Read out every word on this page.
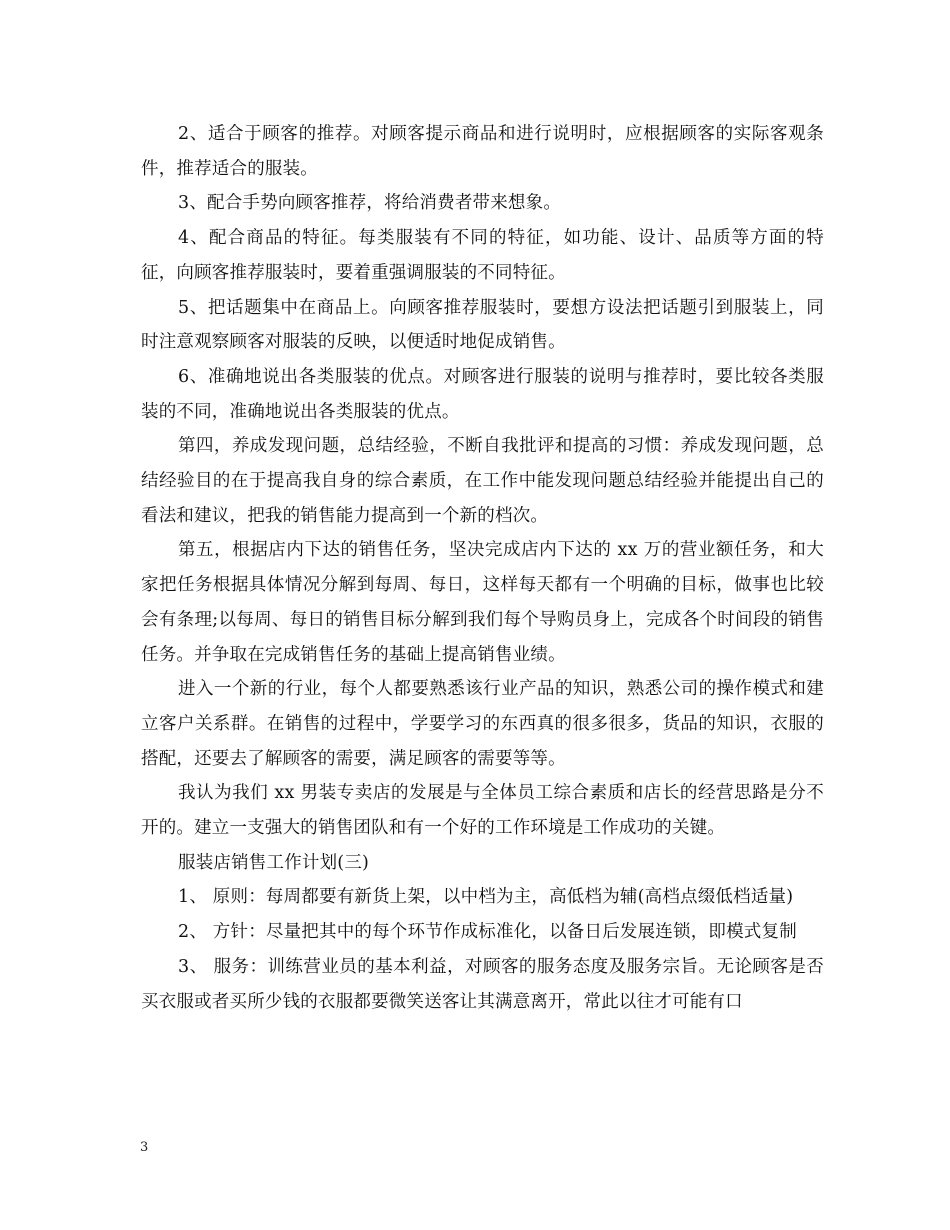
2、适合于顾客的推荐。对顾客提示商品和进行说明时，应根据顾客的实际客观条件，推荐适合的服装。

3、配合手势向顾客推荐，将给消费者带来想象。

4、配合商品的特征。每类服装有不同的特征，如功能、设计、品质等方面的特征，向顾客推荐服装时，要着重强调服装的不同特征。

5、把话题集中在商品上。向顾客推荐服装时，要想方设法把话题引到服装上，同时注意观察顾客对服装的反映，以便适时地促成销售。

6、准确地说出各类服装的优点。对顾客进行服装的说明与推荐时，要比较各类服装的不同，准确地说出各类服装的优点。

第四，养成发现问题，总结经验，不断自我批评和提高的习惯：养成发现问题，总结经验目的在于提高我自身的综合素质，在工作中能发现问题总结经验并能提出自己的看法和建议，把我的销售能力提高到一个新的档次。

第五，根据店内下达的销售任务，坚决完成店内下达的 xx 万的营业额任务，和大家把任务根据具体情况分解到每周、每日，这样每天都有一个明确的目标，做事也比较会有条理;以每周、每日的销售目标分解到我们每个导购员身上，完成各个时间段的销售任务。并争取在完成销售任务的基础上提高销售业绩。

进入一个新的行业，每个人都要熟悉该行业产品的知识，熟悉公司的操作模式和建立客户关系群。在销售的过程中，学要学习的东西真的很多很多，货品的知识，衣服的搭配，还要去了解顾客的需要，满足顾客的需要等等。

我认为我们 xx 男装专卖店的发展是与全体员工综合素质和店长的经营思路是分不开的。建立一支强大的销售团队和有一个好的工作环境是工作成功的关键。

服装店销售工作计划(三)

1、 原则：每周都要有新货上架，以中档为主，高低档为辅(高档点缀低档适量)

2、 方针：尽量把其中的每个环节作成标准化，以备日后发展连锁，即模式复制

3、 服务：训练营业员的基本利益，对顾客的服务态度及服务宗旨。无论顾客是否买衣服或者买所少钱的衣服都要微笑送客让其满意离开，常此以往才可能有口

3
